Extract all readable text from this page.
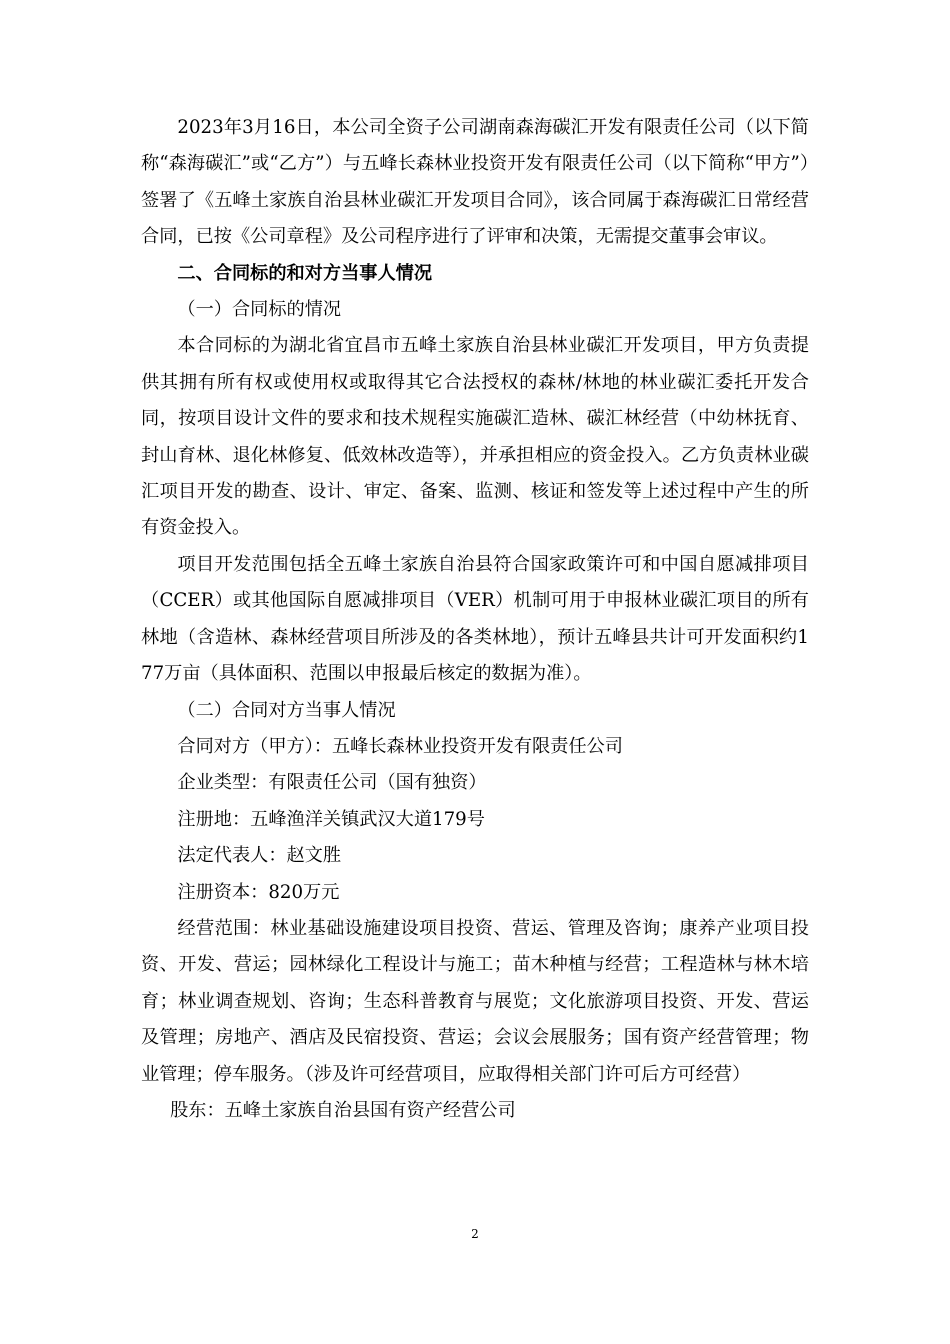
2023年3月16日，本公司全资子公司湖南森海碳汇开发有限责任公司（以下简称“森海碳汇”或“乙方”）与五峰长森林业投资开发有限责任公司（以下简称“甲方”）签署了《五峰土家族自治县林业碳汇开发项目合同》，该合同属于森海碳汇日常经营合同，已按《公司章程》及公司程序进行了评审和决策，无需提交董事会审议。

二、合同标的和对方当事人情况

（一）合同标的情况

本合同标的为湖北省宜昌市五峰土家族自治县林业碳汇开发项目，甲方负责提供其拥有所有权或使用权或取得其它合法授权的森林/林地的林业碳汇委托开发合同，按项目设计文件的要求和技术规程实施碳汇造林、碳汇林经营（中幼林抚育、封山育林、退化林修复、低效林改造等），并承担相应的资金投入。乙方负责林业碳汇项目开发的勘查、设计、审定、备案、监测、核证和签发等上述过程中产生的所有资金投入。

项目开发范围包括全五峰土家族自治县符合国家政策许可和中国自愿减排项目（CCER）或其他国际自愿减排项目（VER）机制可用于申报林业碳汇项目的所有林地（含造林、森林经营项目所涉及的各类林地），预计五峰县共计可开发面积约177万亩（具体面积、范围以申报最后核定的数据为准）。

（二）合同对方当事人情况

合同对方（甲方）：五峰长森林业投资开发有限责任公司

企业类型：有限责任公司（国有独资）

注册地：五峰渔洋关镇武汉大道179号

法定代表人：赵文胜

注册资本：820万元

经营范围：林业基础设施建设项目投资、营运、管理及咨询；康养产业项目投资、开发、营运；园林绿化工程设计与施工；苗木种植与经营；工程造林与林木培育；林业调查规划、咨询；生态科普教育与展览；文化旅游项目投资、开发、营运及管理；房地产、酒店及民宿投资、营运；会议会展服务；国有资产经营管理；物业管理；停车服务。（涉及许可经营项目，应取得相关部门许可后方可经营）

股东：五峰土家族自治县国有资产经营公司

2
